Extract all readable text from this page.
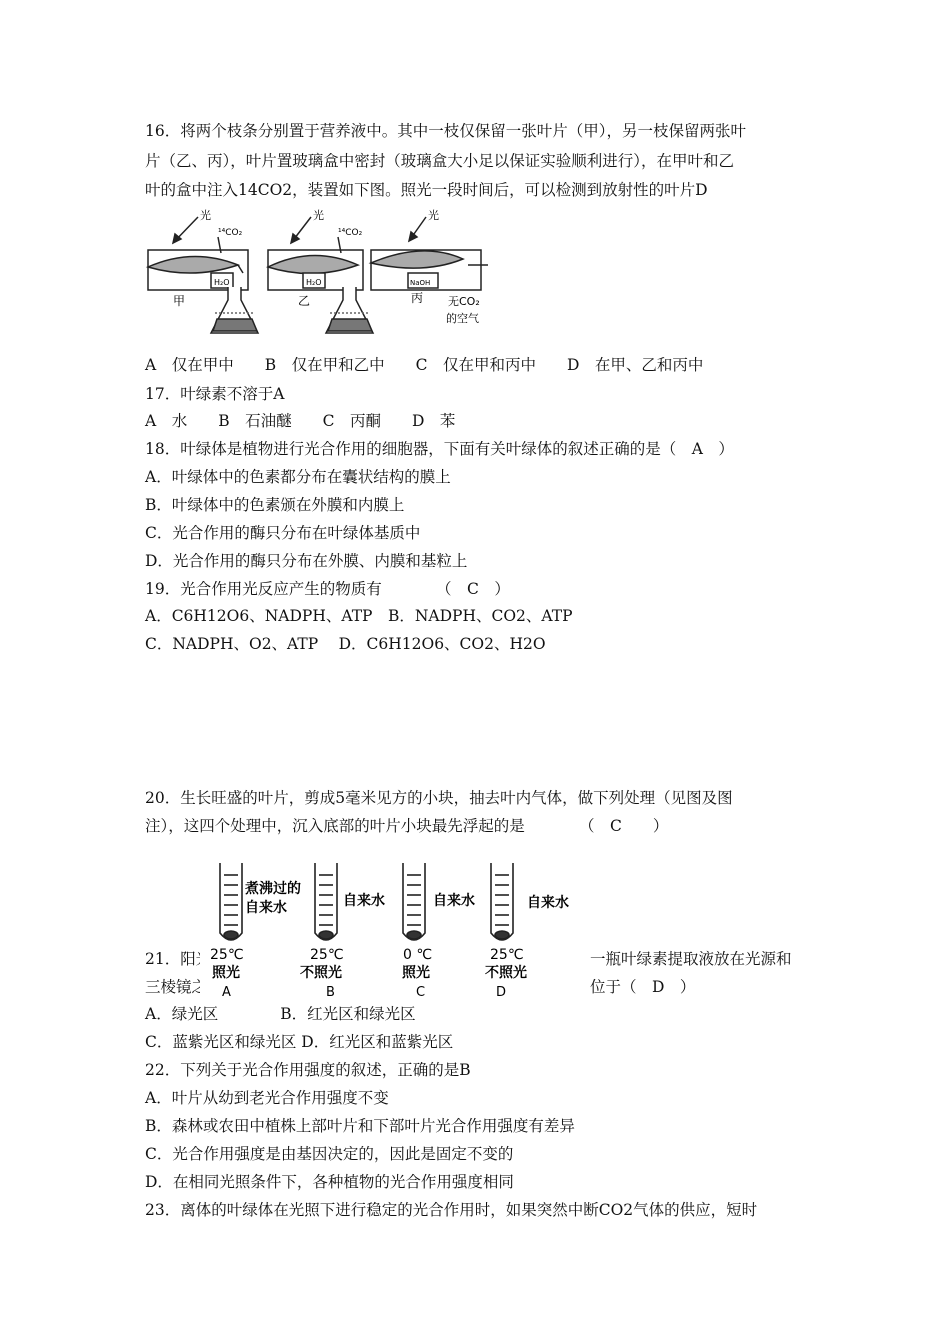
16．将两个枝条分别置于营养液中。其中一枝仅保留一张叶片（甲），另一枝保留两张叶
片（乙、丙），叶片置玻璃盒中密封（玻璃盒大小足以保证实验顺利进行），在甲叶和乙
叶的盒中注入14CO2，装置如下图。照光一段时间后，可以检测到放射性的叶片D
光	光	光
¹⁴CO₂	¹⁴CO₂
H₂O	H₂O	NaOH
甲	乙	丙 无CO₂
的空气
A　仅在甲中　　B　仅在甲和乙中　　C　仅在甲和丙中　　D　在甲、乙和丙中
17．叶绿素不溶于A
A　水　　B　石油醚　　C　丙酮　　D　苯
18．叶绿体是植物进行光合作用的细胞器，下面有关叶绿体的叙述正确的是（　A　）
A．叶绿体中的色素都分布在囊状结构的膜上
B．叶绿体中的色素颁在外膜和内膜上
C．光合作用的酶只分布在叶绿体基质中
D．光合作用的酶只分布在外膜、内膜和基粒上
19．光合作用光反应产生的物质有　　　　（　C　）
A．C6H12O6、NADPH、ATP　B．NADPH、CO2、ATP
C．NADPH、O2、ATP　 D．C6H12O6、CO2、H2O
20．生长旺盛的叶片，剪成5毫米见方的小块，抽去叶内气体，做下列处理（见图及图
注），这四个处理中，沉入底部的叶片小块最先浮起的是　　　　（　C　　）
21．阳光	一瓶叶绿素提取液放在光源和
三棱镜之	位于（　D　）
煮沸过的
自来水	自来水	自来水	自来水
25℃	25℃	0 ℃	25℃
照光	不照光	照光	不照光
A	B	C	D
A．绿光区　　　　B．红光区和绿光区
C．蓝紫光区和绿光区 D．红光区和蓝紫光区
22．下列关于光合作用强度的叙述，正确的是B
A．叶片从幼到老光合作用强度不变
B．森林或农田中植株上部叶片和下部叶片光合作用强度有差异
C．光合作用强度是由基因决定的，因此是固定不变的
D．在相同光照条件下，各种植物的光合作用强度相同
23．离体的叶绿体在光照下进行稳定的光合作用时，如果突然中断CO2气体的供应，短时
